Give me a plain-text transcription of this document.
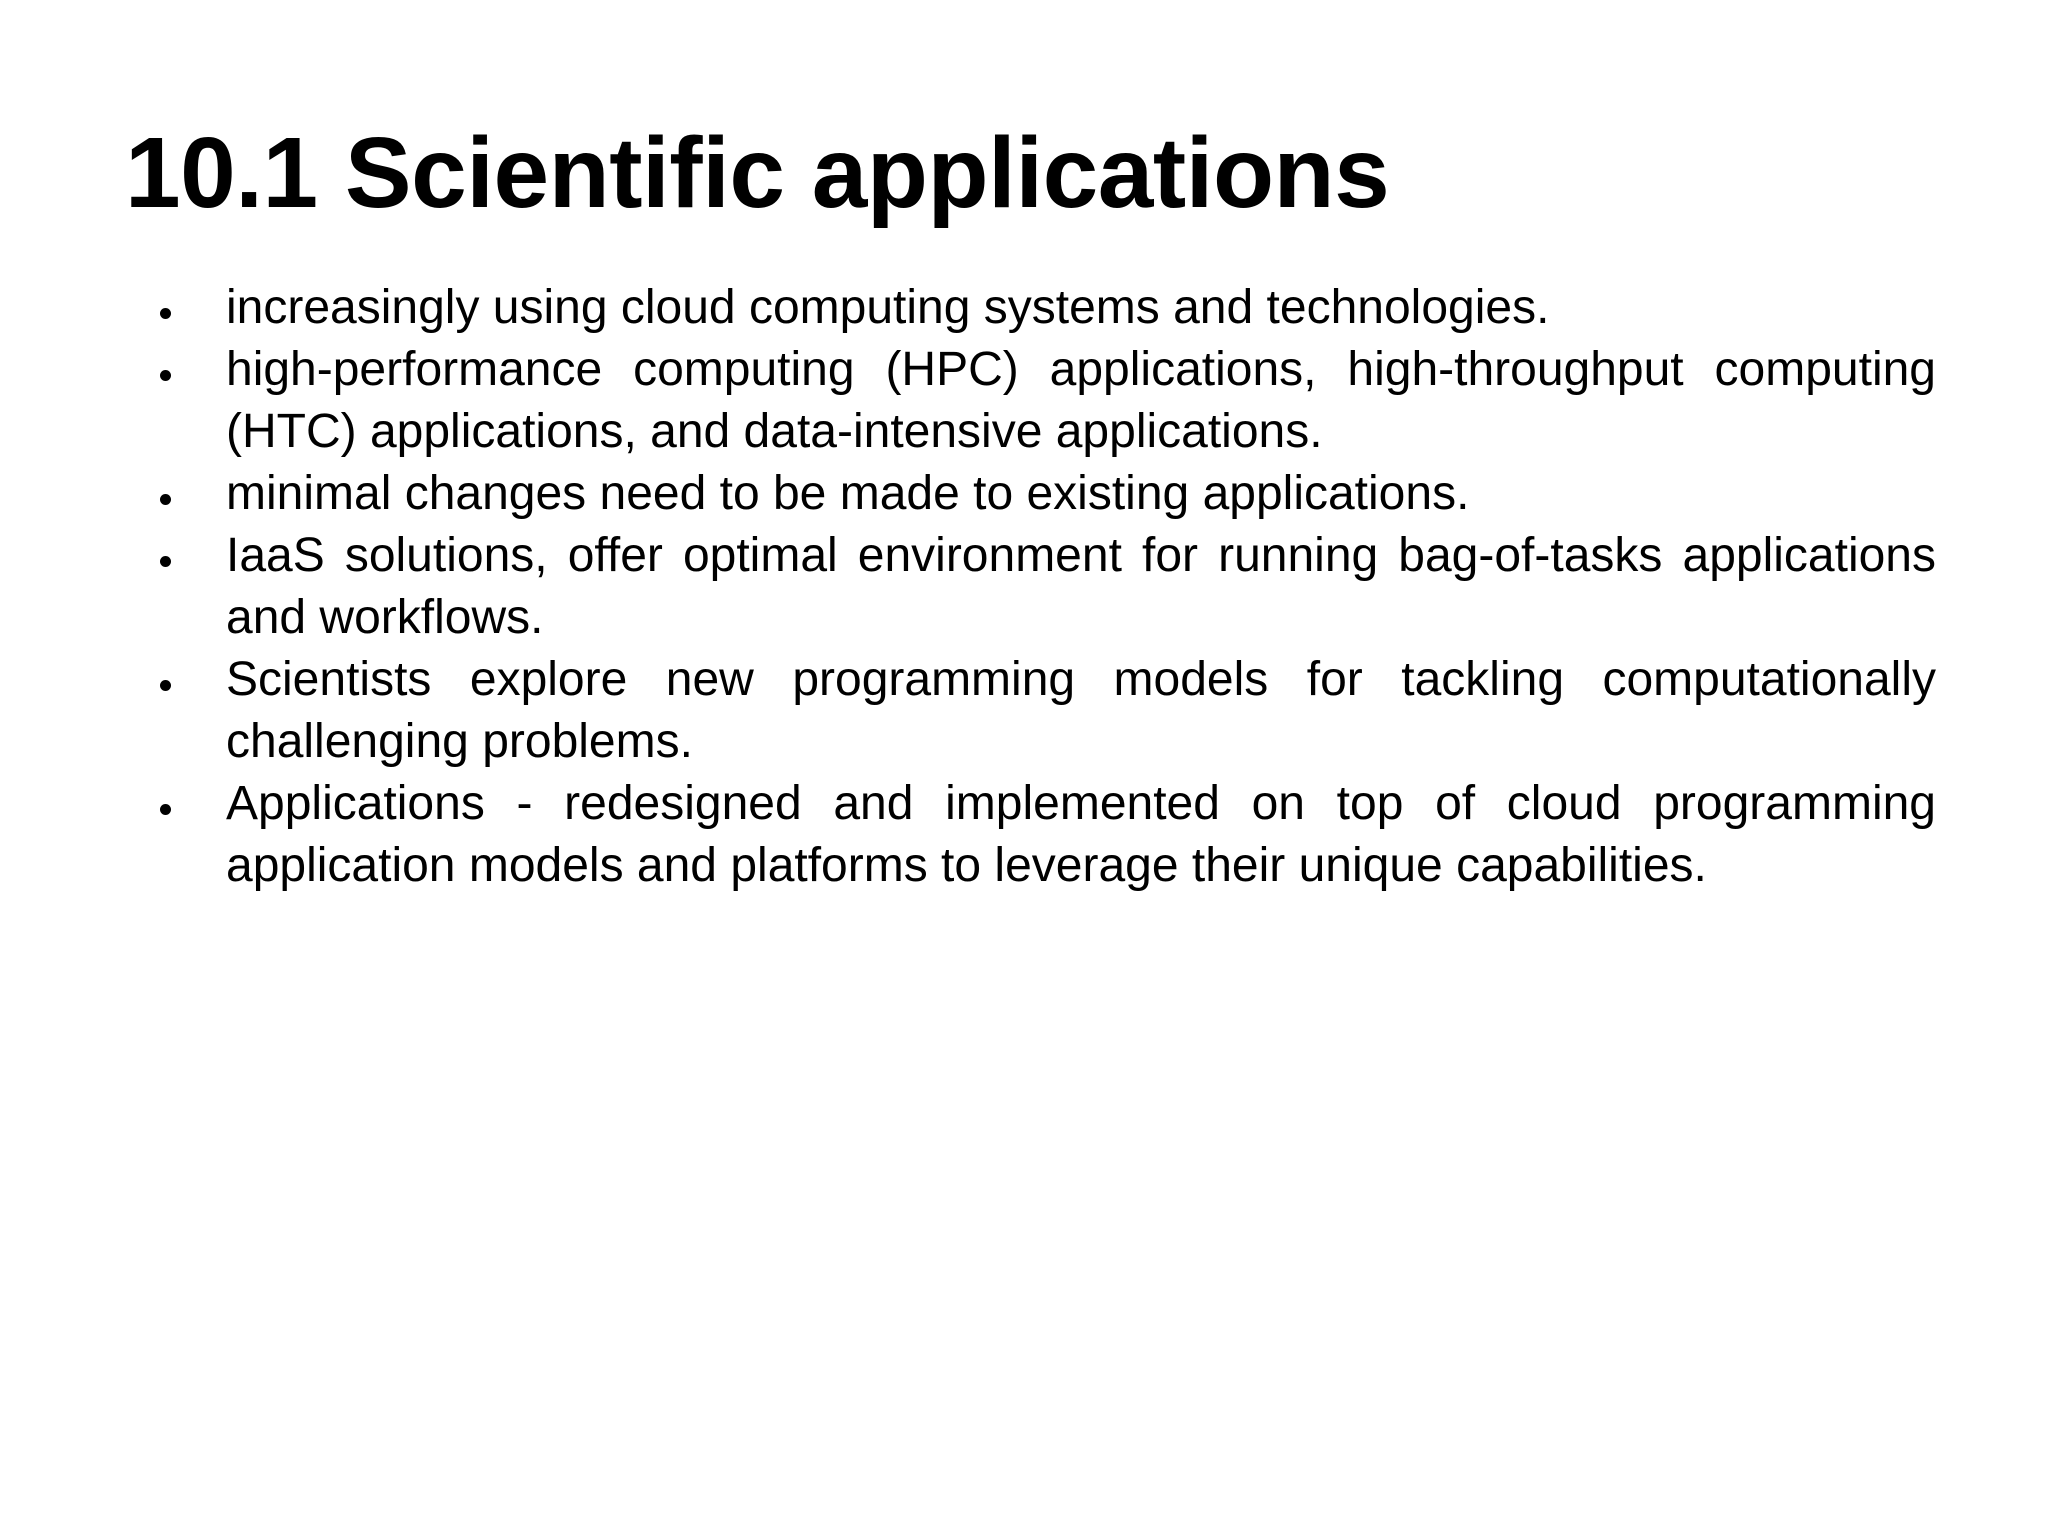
10.1 Scientific applications
increasingly using cloud computing systems and technologies.
high-performance computing (HPC) applications, high-throughput computing (HTC) applications, and data-intensive applications.
minimal changes need to be made to existing applications.
IaaS solutions, offer optimal environment for running bag-of-tasks applications and workflows.
Scientists explore new programming models for tackling computationally challenging problems.
Applications - redesigned and implemented on top of cloud programming application models and platforms to leverage their unique capabilities.
